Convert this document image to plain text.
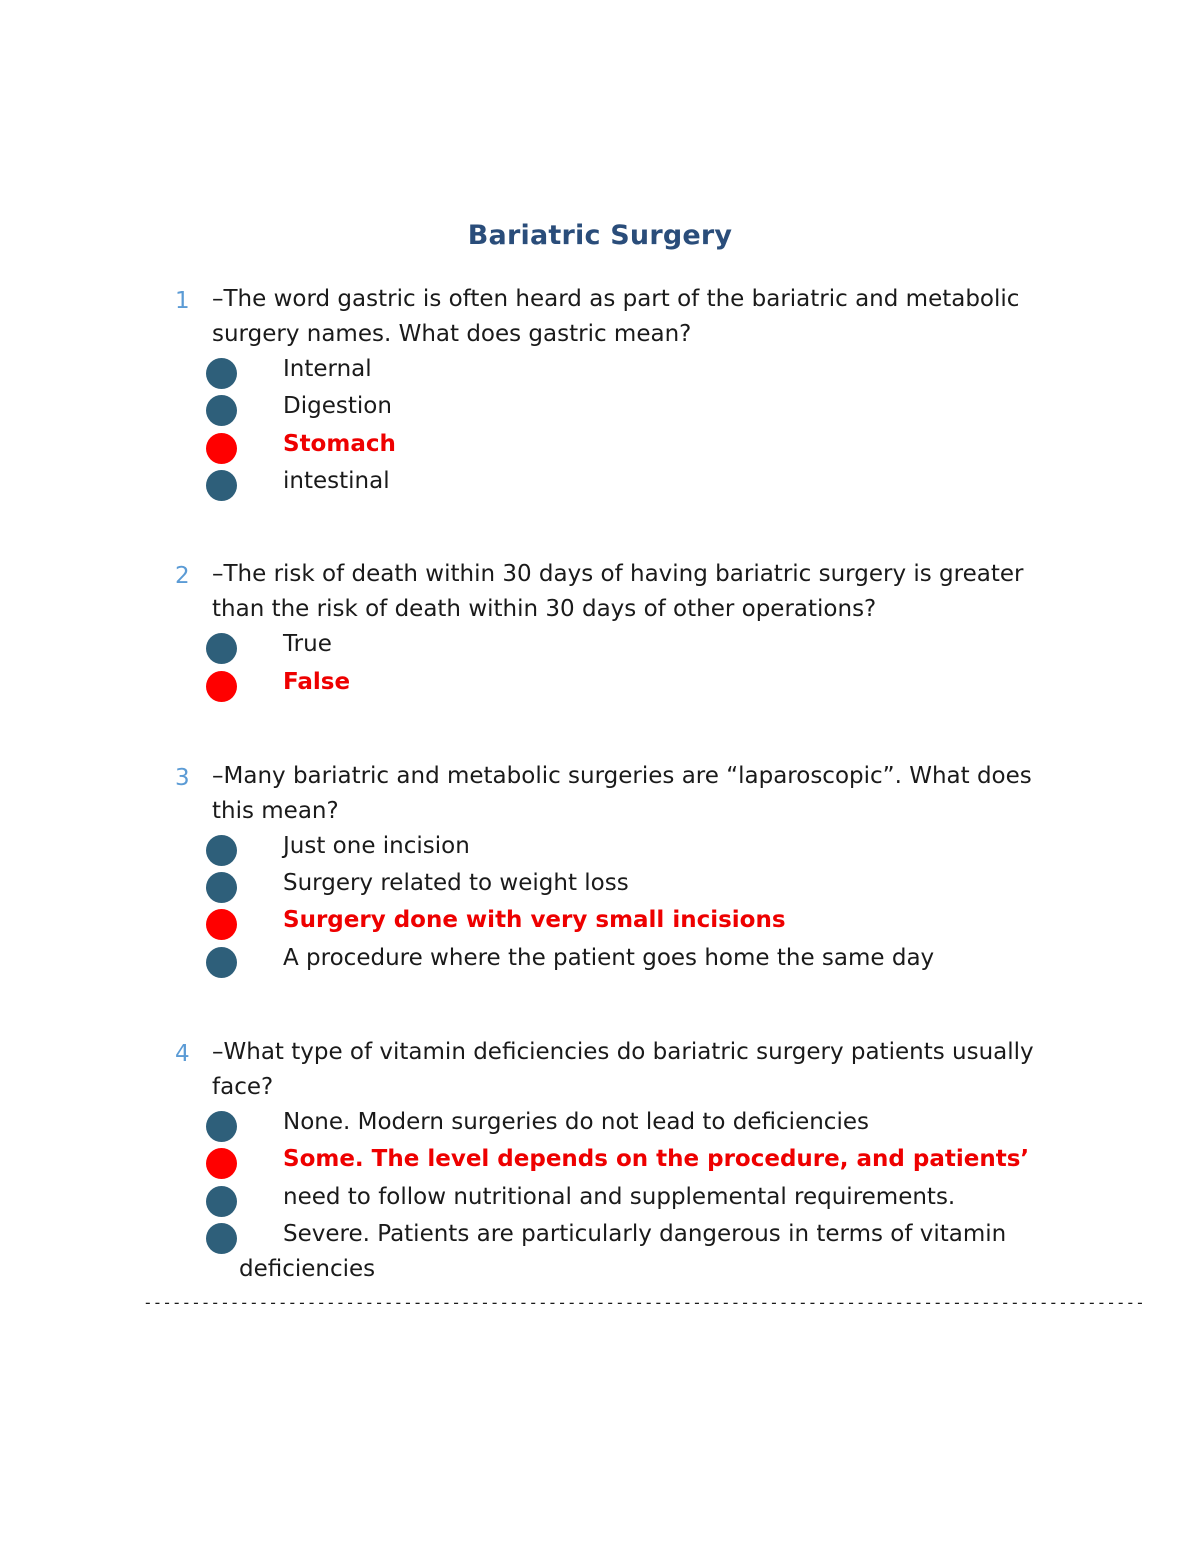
Bariatric Surgery
1 –The word gastric is often heard as part of the bariatric and metabolic surgery names. What does gastric mean?
Internal
Digestion
Stomach
intestinal
2 –The risk of death within 30 days of having bariatric surgery is greater than the risk of death within 30 days of other operations?
True
False
3 –Many bariatric and metabolic surgeries are “laparoscopic”. What does this mean?
Just one incision
Surgery related to weight loss
Surgery done with very small incisions
A procedure where the patient goes home the same day
4 –What type of vitamin deficiencies do bariatric surgery patients usually face?
None. Modern surgeries do not lead to deficiencies
Some. The level depends on the procedure, and patients’
need to follow nutritional and supplemental requirements.
Severe. Patients are particularly dangerous in terms of vitamin
deficiencies
--------------------------------------------------------------------------------------------------------
